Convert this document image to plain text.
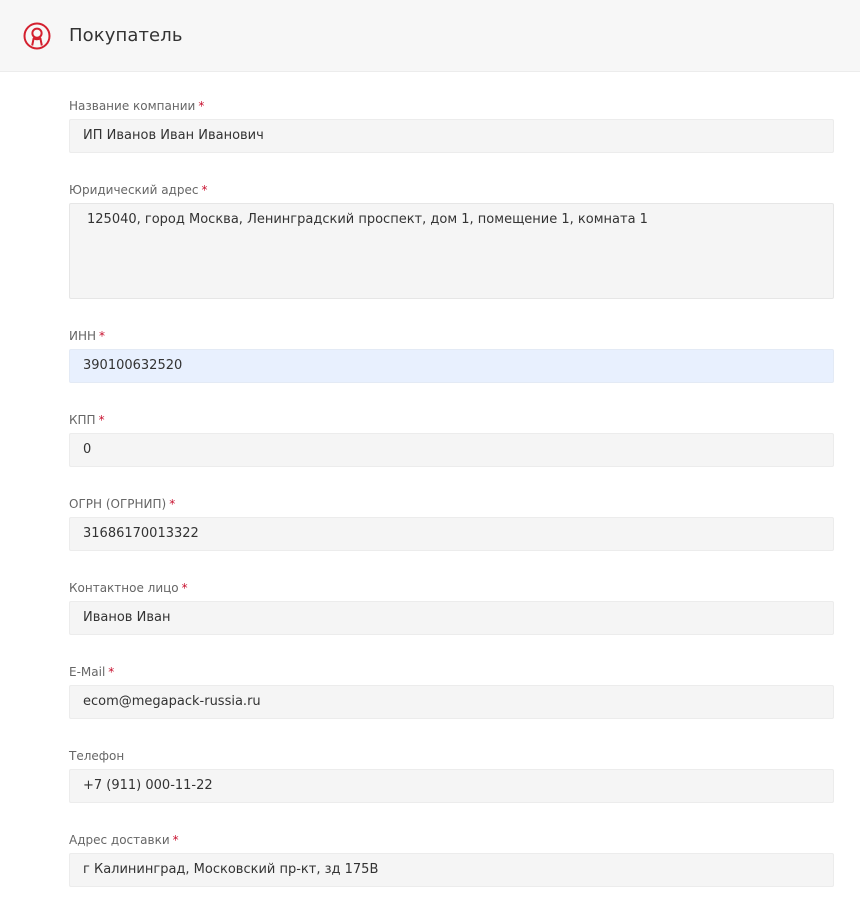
Покупатель
Название компании *
ИП Иванов Иван Иванович
Юридический адрес *
125040, город Москва, Ленинградский проспект, дом 1, помещение 1, комната 1
ИНН *
390100632520
КПП *
0
ОГРН (ОГРНИП) *
31686170013322
Контактное лицо *
Иванов Иван
E-Mail *
ecom@megapack-russia.ru
Телефон
+7 (911) 000-11-22
Адрес доставки *
г Калининград, Московский пр-кт, зд 175В
